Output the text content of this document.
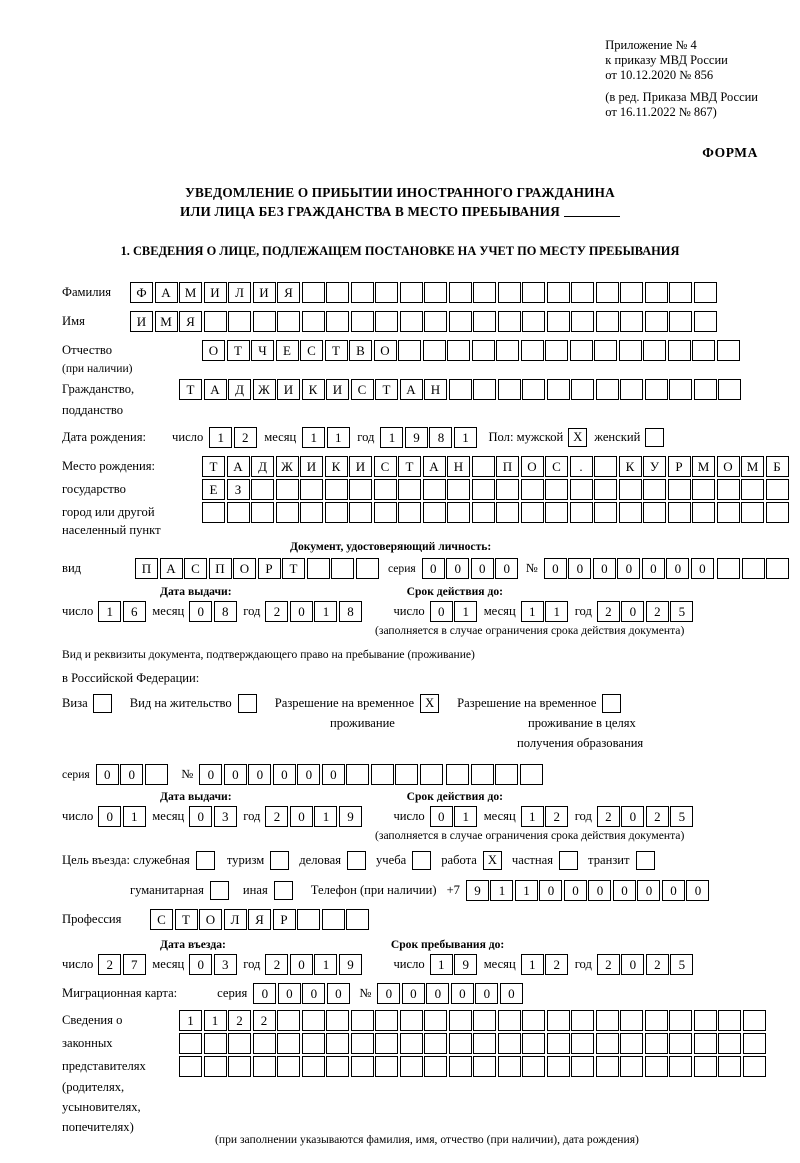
Приложение № 4
к приказу МВД России
от 10.12.2020 № 856
(в ред. Приказа МВД России
от 16.11.2022 № 867)
ФОРМА
УВЕДОМЛЕНИЕ О ПРИБЫТИИ ИНОСТРАННОГО ГРАЖДАНИНА
ИЛИ ЛИЦА БЕЗ ГРАЖДАНСТВА В МЕСТО ПРЕБЫВАНИЯ
1. СВЕДЕНИЯ О ЛИЦЕ, ПОДЛЕЖАЩЕМ ПОСТАНОВКЕ НА УЧЕТ ПО МЕСТУ ПРЕБЫВАНИЯ
Фамилия	Ф	А	М	И	Л	И	Я
Имя	И	М	Я
Отчество	О	Т	Ч	Е	С	Т	В	О
(при наличии)
Гражданство,	Т	А	Д	Ж	И	К	И	С	Т	А	Н
подданство
Дата рождения:	число	1	2	месяц	1	1	год	1	9	8	1	Пол: мужской Х женский
Место рождения:	Т	А	Д	Ж	И	К	И	С	Т	А	Н	П	О	С	.	К	У	Р	М	О	М	Б
государство	Е	З
город или другой
населенный пункт
Документ, удостоверяющий личность:
вид	П	А	С	П	О	Р	Т	серия	0	0	0	0	№	0	0	0	0	0	0	0
Дата выдачи:	Срок действия до:
число	1	6	месяц	0	8	год	2	0	1	8	число	0	1	месяц	1	1	год	2	0	2	5
(заполняется в случае ограничения срока действия документа)
Вид и реквизиты документа, подтверждающего право на пребывание (проживание)
в Российской Федерации:
Виза	Вид на жительство	Разрешение на временное Х	Разрешение на временное
проживание	проживание в целях
получения образования
серия	0	0	№	0	0	0	0	0	0
Дата выдачи:	Срок действия до:
число	0	1	месяц	0	3	год	2	0	1	9	число	0	1	месяц	1	2	год	2	0	2	5
(заполняется в случае ограничения срока действия документа)
Цель въезда: служебная	туризм	деловая	учеба	работа Х	частная	транзит
гуманитарная	иная	Телефон (при наличии) +7	9	1	1	0	0	0	0	0	0	0
Профессия	С	Т	О	Л	Я	Р
Дата въезда:	Срок пребывания до:
число	2	7	месяц	0	3	год	2	0	1	9	число	1	9	месяц	1	2	год	2	0	2	5
Миграционная карта:	серия	0	0	0	0	№	0	0	0	0	0	0
Сведения о	1	1	2	2
законных
представителях
(родителях,
усыновителях,
попечителях)
(при заполнении указываются фамилия, имя, отчество (при наличии), дата рождения)
